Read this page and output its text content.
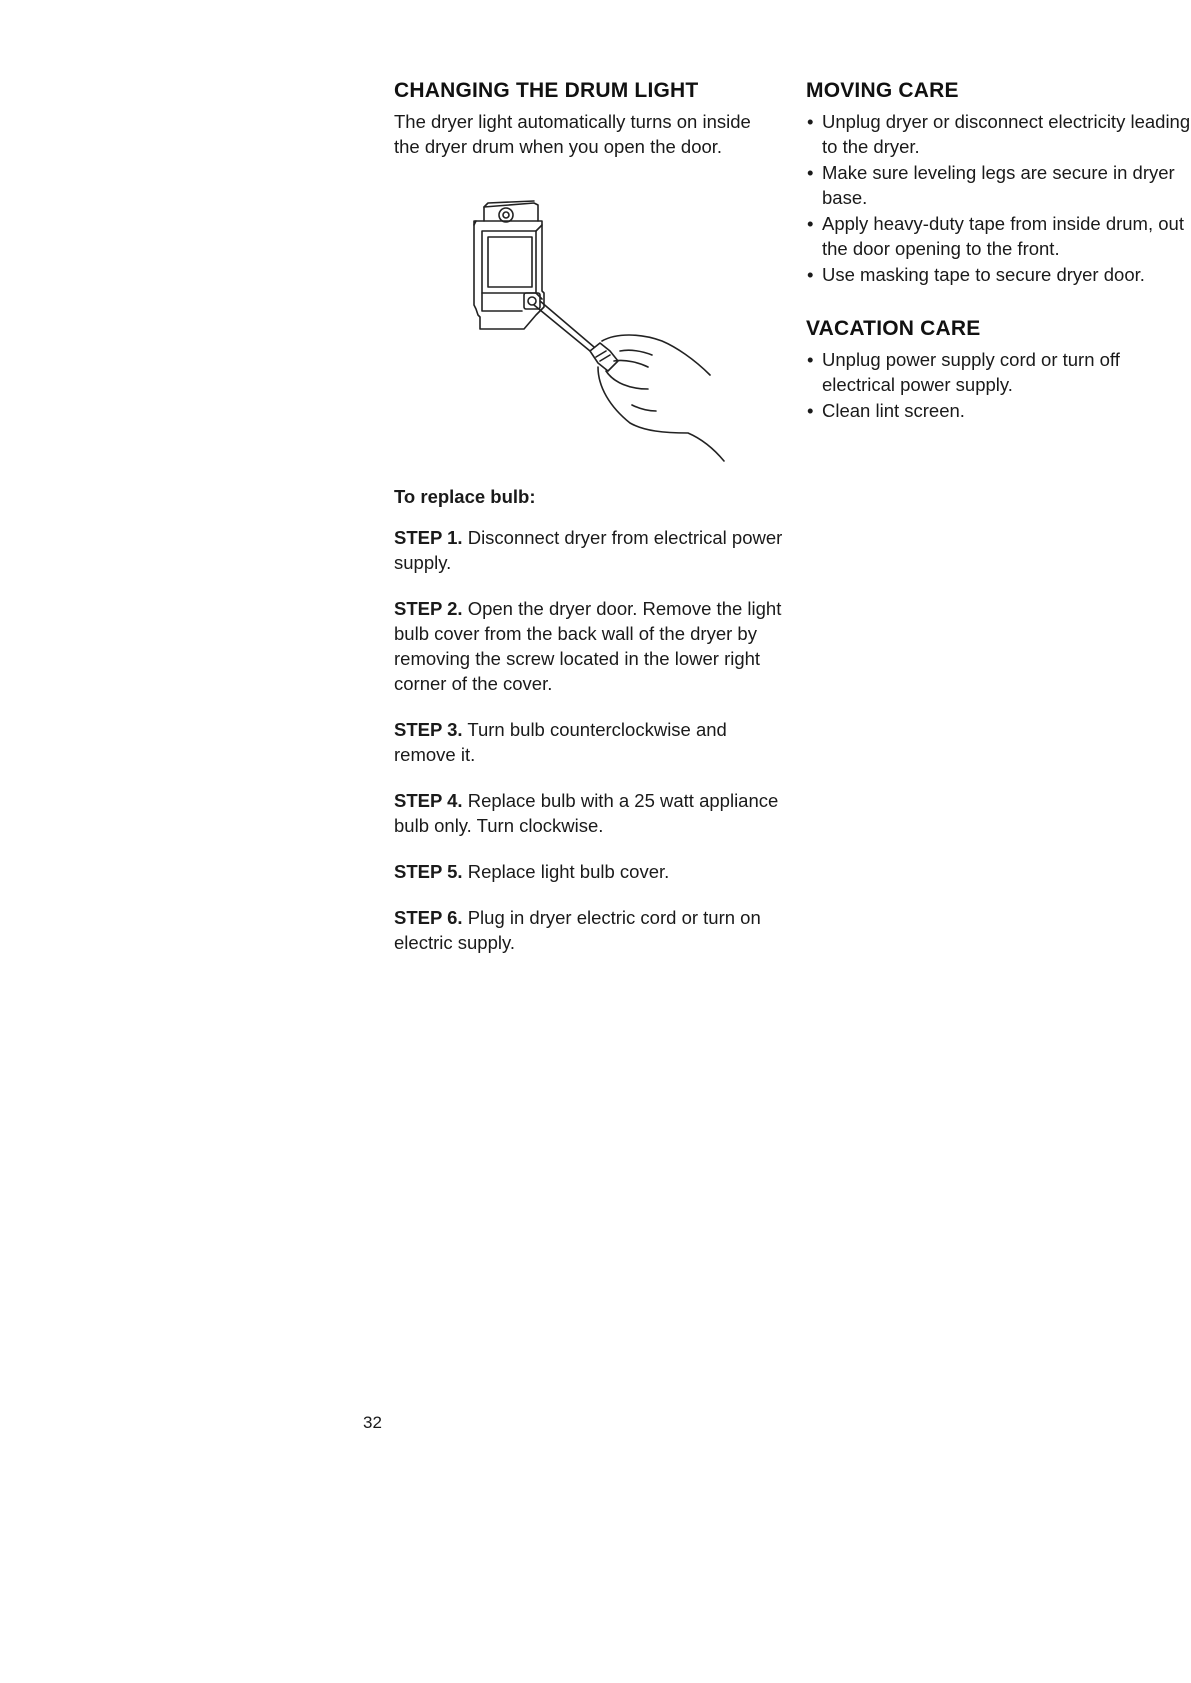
CHANGING THE DRUM LIGHT

The dryer light automatically turns on inside the dryer drum when you open the door.

To replace bulb:

STEP 1. Disconnect dryer from electrical power supply.

STEP 2. Open the dryer door. Remove the light bulb cover from the back wall of the dryer by removing the screw located in the lower right corner of the cover.

STEP 3. Turn bulb counterclockwise and remove it.

STEP 4. Replace bulb with a 25 watt appliance bulb only. Turn clockwise.

STEP 5. Replace light bulb cover.

STEP 6. Plug in dryer electric cord or turn on electric supply.

MOVING CARE
• Unplug dryer or disconnect electricity leading to the dryer.
• Make sure leveling legs are secure in dryer base.
• Apply heavy-duty tape from inside drum, out the door opening to the front.
• Use masking tape to secure dryer door.
VACATION CARE
• Unplug power supply cord or turn off electrical power supply.
• Clean lint screen.
32
